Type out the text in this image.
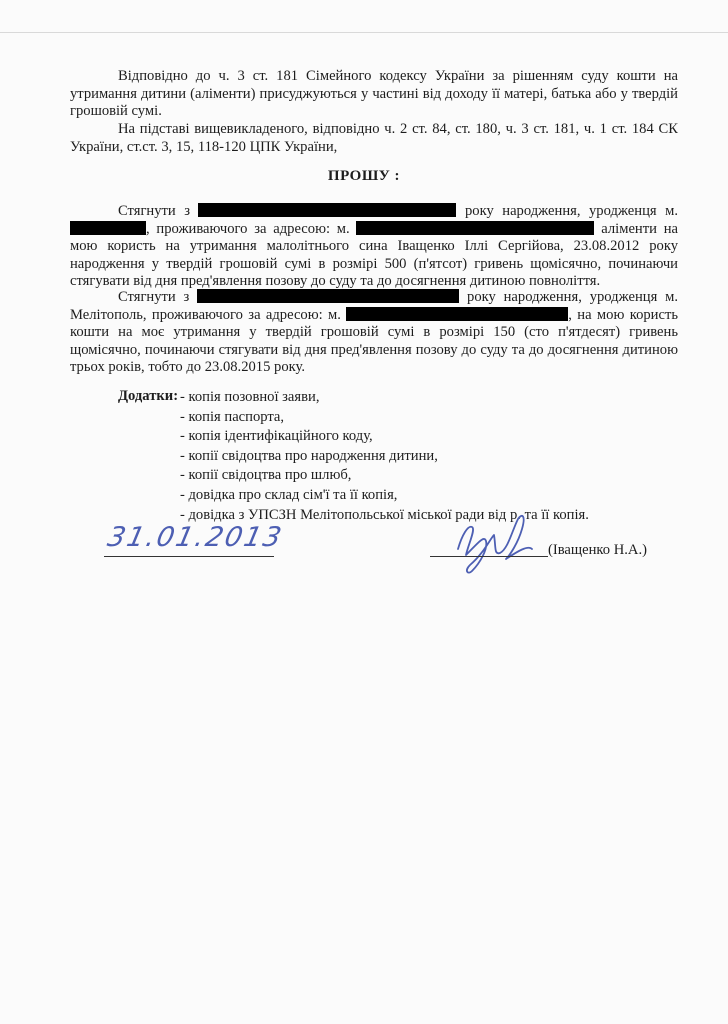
Відповідно до ч. 3 ст. 181 Сімейного кодексу України за рішенням суду кошти на утримання дитини (аліменти) присуджуються у частині від доходу її матері, батька або у твердій грошовій сумі.
На підставі вищевикладеного, відповідно ч. 2 ст. 84, ст. 180, ч. 3 ст. 181, ч. 1 ст. 184 СК України, ст.ст. 3, 15, 118-120 ЦПК України,
ПРОШУ :
Стягнути з	року народження, уродженця м. , проживаючого за адресою: м.	аліменти на мою користь на утримання малолітнього сина Іващенко Іллі Сергійова, 23.08.2012 року народження у твердій грошовій сумі в розмірі 500 (п'ятсот) гривень щомісячно, починаючи стягувати від дня пред'явлення позову до суду та до досягнення дитиною повноліття.
Стягнути з	року народження, уродженця м. Мелітополь, проживаючого за адресою: м.	, на мою користь кошти на моє утримання у твердій грошовій сумі в розмірі 150 (сто п'ятдесят) гривень щомісячно, починаючи стягувати від дня пред'явлення позову до суду та до досягнення дитиною трьох років, тобто до 23.08.2015 року.
Додатки: - копія позовної заяви,
- копія паспорта,
- копія ідентифікаційного коду,
- копії свідоцтва про народження дитини,
- копії свідоцтва про шлюб,
- довідка про склад сім'ї та її копія,
- довідка з УПСЗН Мелітопольської міської ради від р. та її копія.
31.01.2013	(Іващенко Н.А.)
